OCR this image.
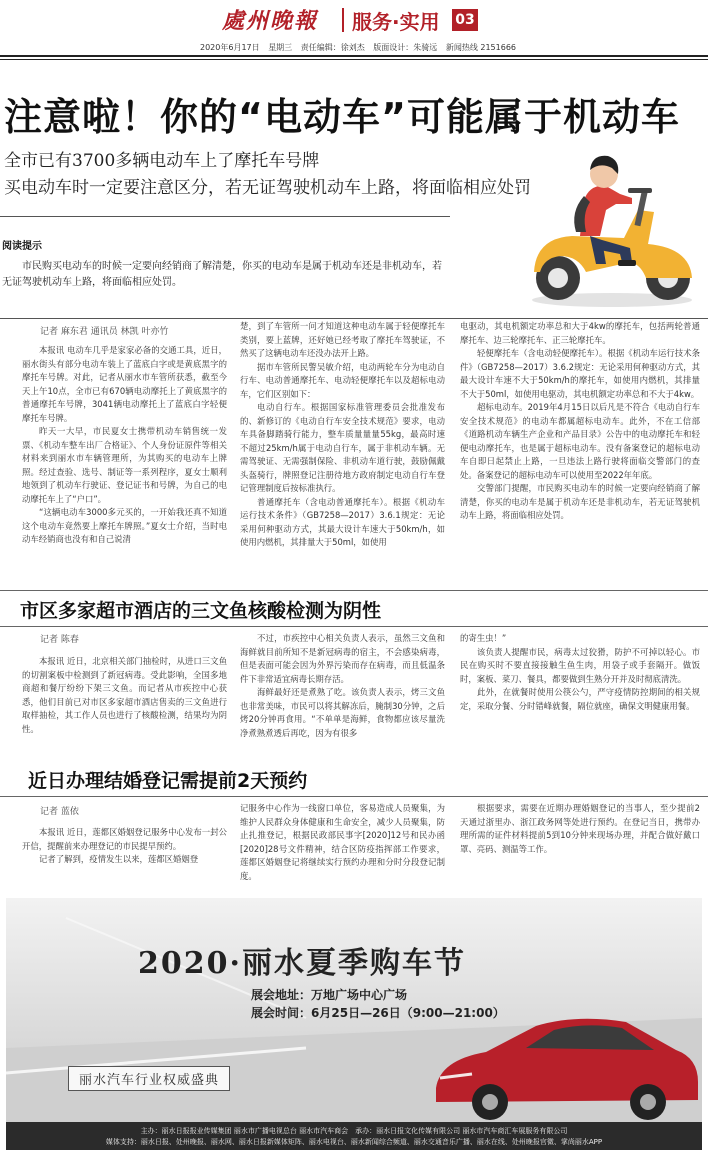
處州晚報 服务·实用 03
2020年6月17日 星期三 责任编辑：徐刘杰 版面设计：朱骑远 新闻热线 2151666
注意啦！你的“电动车”可能属于机动车
全市已有3700多辆电动车上了摩托车号牌
买电动车时一定要注意区分，若无证驾驶机动车上路，将面临相应处罚
阅读提示
市民购买电动车的时候一定要向经销商了解清楚，你买的电动车是属于机动车还是非机动车，若无证驾驶机动车上路，将面临相应处罚。
记者 麻东君 通讯员 林凯 叶亦竹

本报讯 电动车几乎是家家必备的交通工具，近日，丽水街头有部分电动车装上了蓝底白字或是黄底黑字的摩托车号牌。对此，记者从丽水市车管所获悉，截至今天上午10点，全市已有670辆电动摩托上了黄底黑字的普通摩托车号牌，3041辆电动摩托上了蓝底白字轻便摩托车号牌。

昨天一大早，市民夏女士携带机动车销售统一发票、《机动车整车出厂合格证》、个人身份证原件等相关材料来到丽水市车辆管理所，为其购买的电动车上牌照。经过查验、选号、制证等一系列程序，夏女士顺利地领到了机动车行驶证、登记证书和号牌，为自己的电动摩托车上了“户口”。

“这辆电动车3000多元买的，一开始我还真不知道这个电动车竟然要上摩托车牌照。”夏女士介绍，当时电动车经销商也没有和自己说清

楚，到了车管所一问才知道这种电动车属于轻便摩托车类别，要上蓝牌，还好她已经考取了摩托车驾驶证，不然买了这辆电动车还没办法开上路。

据市车管所民警吴敏介绍，电动两轮车分为电动自行车、电动普通摩托车、电动轻便摩托车以及超标电动车，它们区别如下：

电动自行车。根据国家标准管理委员会批准发布的、新修订的《电动自行车安全技术规范》要求，电动车具备脚踏骑行能力，整车质量量量55kg，最高时速不超过25km/h属于电动自行车，属于非机动车辆。无需驾驶证、无需强制保险、非机动车道行驶，鼓励佩戴头盔骑行，牌照登记注册待地方政府制定电动自行车登记管理制度后按标准执行。

普通摩托车（含电动普通摩托车）。根据《机动车运行技术条件》（GB7258—2017）3.6.1规定：无论采用何种驱动方式，其最大设计车速大于50km/h，如使用内燃机，其排量大于50ml，如使用

电驱动，其电机额定功率总和大于4kw的摩托车，包括两轮普通摩托车、边三轮摩托车、正三轮摩托车。

轻便摩托车（含电动轻便摩托车）。根据《机动车运行技术条件》（GB7258—2017）3.6.2规定：无论采用何种驱动方式，其最大设计车速不大于50km/h的摩托车，如使用内燃机，其排量不大于50ml，如使用电驱动，其电机额定功率总和不大于4kw。

超标电动车。2019年4月15日以后凡是不符合《电动自行车安全技术规范》的电动车都属超标电动车。此外，不在工信部《道路机动车辆生产企业和产品目录》公告中的电动摩托车和轻便电动摩托车，也是属于超标电动车。没有备案登记的超标电动车自即日起禁止上路，一旦违法上路行驶将面临交警部门的查处。备案登记的超标电动车可以使用至2022年年底。

交警部门提醒，市民购买电动车的时候一定要向经销商了解清楚，你买的电动车是属于机动车还是非机动车，若无证驾驶机动车上路，将面临相应处罚。

市区多家超市酒店的三文鱼核酸检测为阴性
记者 陈春

本报讯 近日，北京相关部门抽检时，从进口三文鱼的切割案板中检测到了新冠病毒。受此影响，全国多地商超和餐厅纷纷下架三文鱼。而记者从市疾控中心获悉，他们目前已对市区多家超市酒店售卖的三文鱼进行取样抽检，其工作人员也进行了核酸检测，结果均为阴性。

不过，市疾控中心相关负责人表示，虽然三文鱼和海鲜就目前所知不是新冠病毒的宿主，不会感染病毒，但是表面可能会因为外界污染而存在病毒，而且低温条件下非常适宜病毒长期存活。

海鲜最好还是煮熟了吃。该负责人表示，烤三文鱼也非常美味，市民可以将其解冻后，腌制30分钟，之后烤20分钟再食用。“不单单是海鲜，食物都应该尽量洗净煮熟煮透后再吃，因为有很多

的寄生虫！”

该负责人提醒市民，病毒太过狡猾，防护不可掉以轻心。市民在购买时不要直接接触生鱼生肉，用袋子或手套隔开。做饭时，案板、菜刀、餐具，都要做到生熟分开并及时彻底清洗。

此外，在就餐时使用公筷公勺，严守疫情防控期间的相关规定，采取分餐、分时错峰就餐，隔位就座，确保文明健康用餐。

近日办理结婚登记需提前2天预约
记者 蓝依

本报讯 近日，莲都区婚姻登记服务中心发布一封公开信，提醒前来办理登记的市民提早预约。

记者了解到，疫情发生以来，莲都区婚姻登

记服务中心作为一线窗口单位，客易造成人员聚集，为维护人民群众身体健康和生命安全，减少人员聚集，防止扎推登记，根据民政部民事字[2020]12号和民办函[2020]28号文件精神，结合区防疫指挥部工作要求，莲都区婚姻登记将继续实行预约办理和分时分段登记制度。

根据要求，需要在近期办理婚姻登记的当事人，至少提前2天通过浙里办、浙江政务网等处进行预约。在登记当日，携带办理所需的证件材料提前5到10分钟来现场办理，并配合做好戴口罩、亮码、测温等工作。

2020·丽水夏季购车节
展会地址：万地广场中心广场
展会时间：6月25日—26日（9:00—21:00）
丽水汽车行业权威盛典
主办：丽水日报报业传媒集团 丽水市广播电视总台 丽水市汽车商会　承办：丽水日报文化传媒有限公司 丽水市汽车商汇车展服务有限公司
媒体支持：丽水日报、处州晚报、丽水网、丽水日报新媒体矩阵、丽水电视台、丽水新闻综合频道、丽水交通音乐广播、丽水在线、处州晚报官微、掌尚丽水APP
